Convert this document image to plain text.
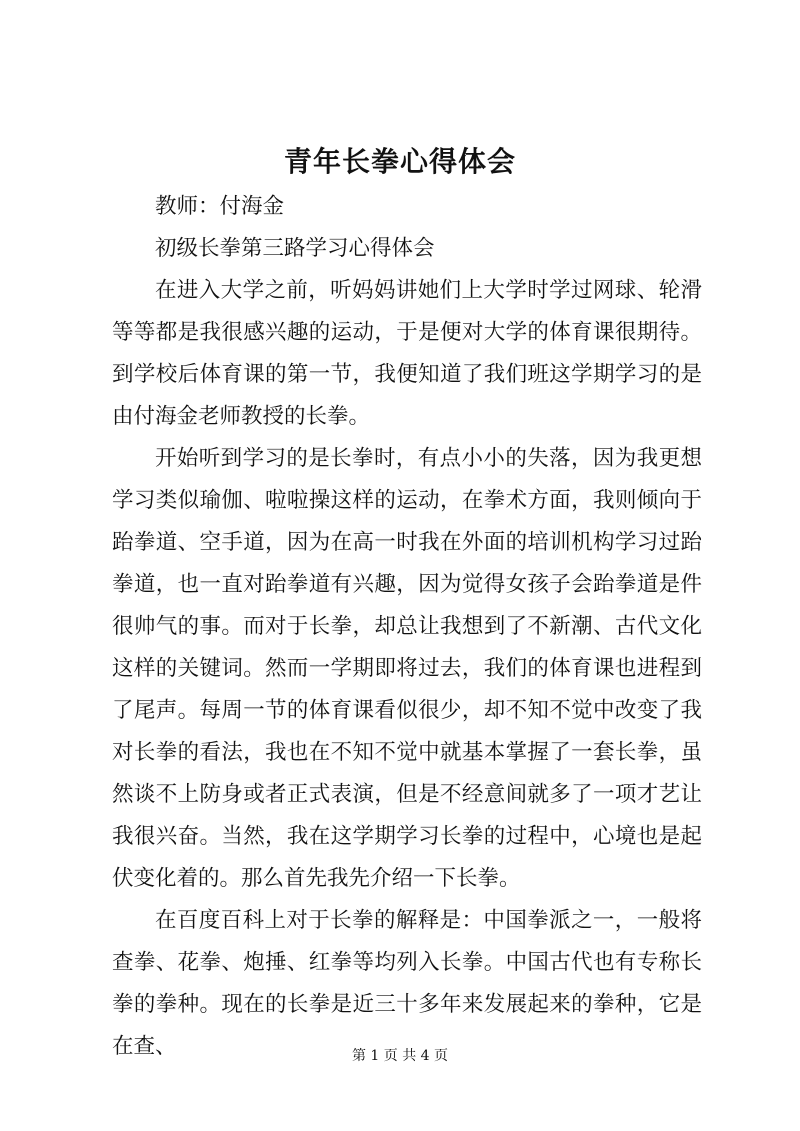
青年长拳心得体会

教师：付海金

初级长拳第三路学习心得体会

在进入大学之前，听妈妈讲她们上大学时学过网球、轮滑等等都是我很感兴趣的运动，于是便对大学的体育课很期待。到学校后体育课的第一节，我便知道了我们班这学期学习的是由付海金老师教授的长拳。

开始听到学习的是长拳时，有点小小的失落，因为我更想学习类似瑜伽、啦啦操这样的运动，在拳术方面，我则倾向于跆拳道、空手道，因为在高一时我在外面的培训机构学习过跆拳道，也一直对跆拳道有兴趣，因为觉得女孩子会跆拳道是件很帅气的事。而对于长拳，却总让我想到了不新潮、古代文化这样的关键词。然而一学期即将过去，我们的体育课也进程到了尾声。每周一节的体育课看似很少，却不知不觉中改变了我对长拳的看法，我也在不知不觉中就基本掌握了一套长拳，虽然谈不上防身或者正式表演，但是不经意间就多了一项才艺让我很兴奋。当然，我在这学期学习长拳的过程中，心境也是起伏变化着的。那么首先我先介绍一下长拳。

在百度百科上对于长拳的解释是：中国拳派之一，一般将查拳、花拳、炮捶、红拳等均列入长拳。中国古代也有专称长拳的拳种。现在的长拳是近三十多年来发展起来的拳种，它是在查、	第 1 页 共 4 页
